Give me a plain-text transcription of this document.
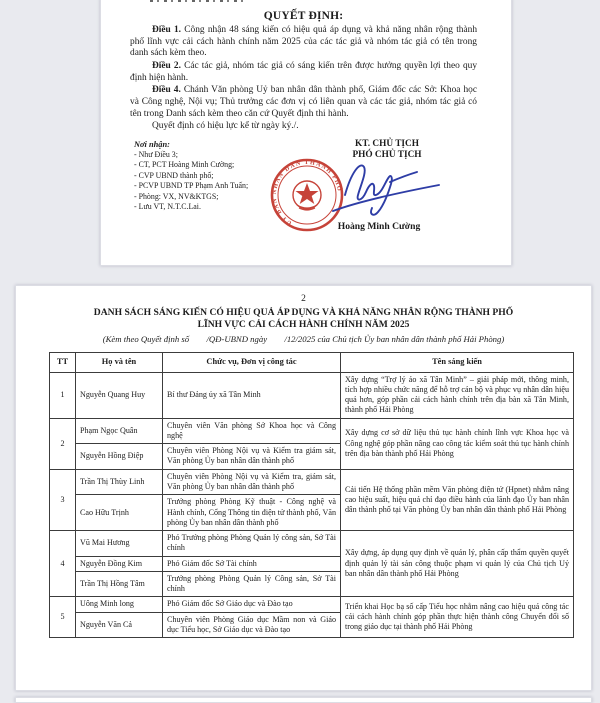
QUYẾT ĐỊNH:

Điều 1. Công nhận 48 sáng kiến có hiệu quả áp dụng và khả năng nhân rộng thành phố lĩnh vực cải cách hành chính năm 2025 của các tác giả và nhóm tác giả có tên trong danh sách kèm theo.

Điều 2. Các tác giả, nhóm tác giả có sáng kiến trên được hưởng quyền lợi theo quy định hiện hành.

Điều 4. Chánh Văn phòng Uỷ ban nhân dân thành phố, Giám đốc các Sở: Khoa học và Công nghệ, Nội vụ; Thủ trưởng các đơn vị có liên quan và các tác giả, nhóm tác giả có tên trong Danh sách kèm theo căn cứ Quyết định thi hành.

Quyết định có hiệu lực kể từ ngày ký./.

Nơi nhận:
- Như Điều 3;
- CT, PCT Hoàng Minh Cường;
- CVP UBND thành phố;
- PCVP UBND TP Phạm Anh Tuấn;
- Phòng: VX, NV&KTGS;
- Lưu VT, N.T.C.Lai.
KT. CHỦ TỊCH
PHÓ CHỦ TỊCH
UỶ BAN NHÂN DÂN THÀNH PHỐ
Hoàng Minh Cường
2
DANH SÁCH SÁNG KIẾN CÓ HIỆU QUẢ ÁP DỤNG VÀ KHẢ NĂNG NHÂN RỘNG THÀNH PHỐ
LĨNH VỰC CẢI CÁCH HÀNH CHÍNH NĂM 2025
(Kèm theo Quyết định số        /QĐ-UBND ngày        /12/2025 của Chủ tịch Ủy ban nhân dân thành phố Hải Phòng)
TT	Họ và tên	Chức vụ, Đơn vị công tác	Tên sáng kiến
1	Nguyễn Quang Huy	Bí thư Đảng ủy xã Tân Minh	Xây dựng “Trợ lý ảo xã Tân Minh” – giải pháp mới, thông minh, tích hợp nhiều chức năng để hỗ trợ cán bộ và phục vụ nhân dân hiệu quả hơn, góp phần cải cách hành chính trên địa bàn xã Tân Minh, thành phố Hải Phòng
2	Phạm Ngọc Quân	Chuyên viên Văn phòng Sở Khoa học và Công nghệ	Xây dựng cơ sở dữ liệu thủ tục hành chính lĩnh vực Khoa học và Công nghệ góp phần nâng cao công tác kiểm soát thủ tục hành chính trên địa bàn thành phố Hải Phòng
	Nguyễn Hồng Điệp	Chuyên viên Phòng Nội vụ và Kiểm tra giám sát, Văn phòng Ủy ban nhân dân thành phố	
3	Trần Thị Thùy Linh	Chuyên viên Phòng Nội vụ và Kiểm tra, giám sát, Văn phòng Ủy ban nhân dân thành phố	Cải tiến Hệ thống phần mềm Văn phòng điện tử (Hpnet) nhằm nâng cao hiệu suất, hiệu quả chỉ đạo điều hành của lãnh đạo Ủy ban nhân dân thành phố tại Văn phòng Ủy ban nhân dân thành phố Hải Phòng
	Cao Hữu Trịnh	Trưởng phòng Phòng Kỹ thuật - Công nghệ và Hành chính, Cổng Thông tin điện tử thành phố, Văn phòng Ủy ban nhân dân thành phố	
4	Vũ Mai Hương	Phó Trưởng phòng Phòng Quản lý công sản, Sở Tài chính	Xây dựng, áp dụng quy định về quản lý, phân cấp thẩm quyền quyết định quản lý tài sản công thuộc phạm vi quản lý của Chủ tịch Uỷ ban nhân dân thành phố Hải Phòng
	Nguyễn Đồng Kim	Phó Giám đốc Sở Tài chính	
	Trần Thị Hồng Tâm	Trưởng phòng Phòng Quản lý Công sản, Sở Tài chính	
5	Uông Minh long	Phó Giám đốc Sở Giáo dục và Đào tạo	Triển khai Học bạ số cấp Tiểu học nhằm nâng cao hiệu quả công tác cải cách hành chính góp phần thực hiện thành công Chuyển đổi số trong giáo dục tại thành phố Hải Phòng
	Nguyễn Văn Cả	Chuyên viên Phòng Giáo dục Mầm non và Giáo dục Tiểu học, Sở Giáo dục và Đào tạo	
